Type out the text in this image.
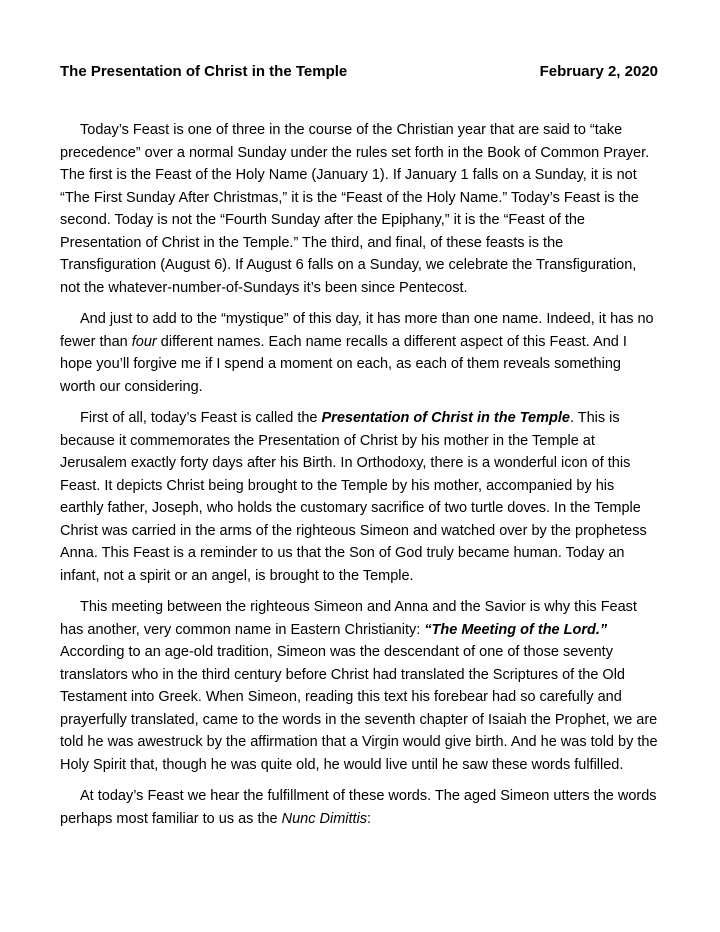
The Presentation of Christ in the Temple	February 2, 2020

Today’s Feast is one of three in the course of the Christian year that are said to “take precedence” over a normal Sunday under the rules set forth in the Book of Common Prayer. The first is the Feast of the Holy Name (January 1). If January 1 falls on a Sunday, it is not “The First Sunday After Christmas,” it is the “Feast of the Holy Name.” Today’s Feast is the second. Today is not the “Fourth Sunday after the Epiphany,” it is the “Feast of the Presentation of Christ in the Temple.” The third, and final, of these feasts is the Transfiguration (August 6). If August 6 falls on a Sunday, we celebrate the Transfiguration, not the whatever-number-of-Sundays it’s been since Pentecost.

And just to add to the “mystique” of this day, it has more than one name. Indeed, it has no fewer than four different names. Each name recalls a different aspect of this Feast. And I hope you’ll forgive me if I spend a moment on each, as each of them reveals something worth our considering.

First of all, today’s Feast is called the Presentation of Christ in the Temple. This is because it commemorates the Presentation of Christ by his mother in the Temple at Jerusalem exactly forty days after his Birth. In Orthodoxy, there is a wonderful icon of this Feast. It depicts Christ being brought to the Temple by his mother, accompanied by his earthly father, Joseph, who holds the customary sacrifice of two turtle doves. In the Temple Christ was carried in the arms of the righteous Simeon and watched over by the prophetess Anna. This Feast is a reminder to us that the Son of God truly became human. Today an infant, not a spirit or an angel, is brought to the Temple.

This meeting between the righteous Simeon and Anna and the Savior is why this Feast has another, very common name in Eastern Christianity: “The Meeting of the Lord.” According to an age-old tradition, Simeon was the descendant of one of those seventy translators who in the third century before Christ had translated the Scriptures of the Old Testament into Greek. When Simeon, reading this text his forebear had so carefully and prayerfully translated, came to the words in the seventh chapter of Isaiah the Prophet, we are told he was awestruck by the affirmation that a Virgin would give birth. And he was told by the Holy Spirit that, though he was quite old, he would live until he saw these words fulfilled.

At today’s Feast we hear the fulfillment of these words. The aged Simeon utters the words perhaps most familiar to us as the Nunc Dimittis:
